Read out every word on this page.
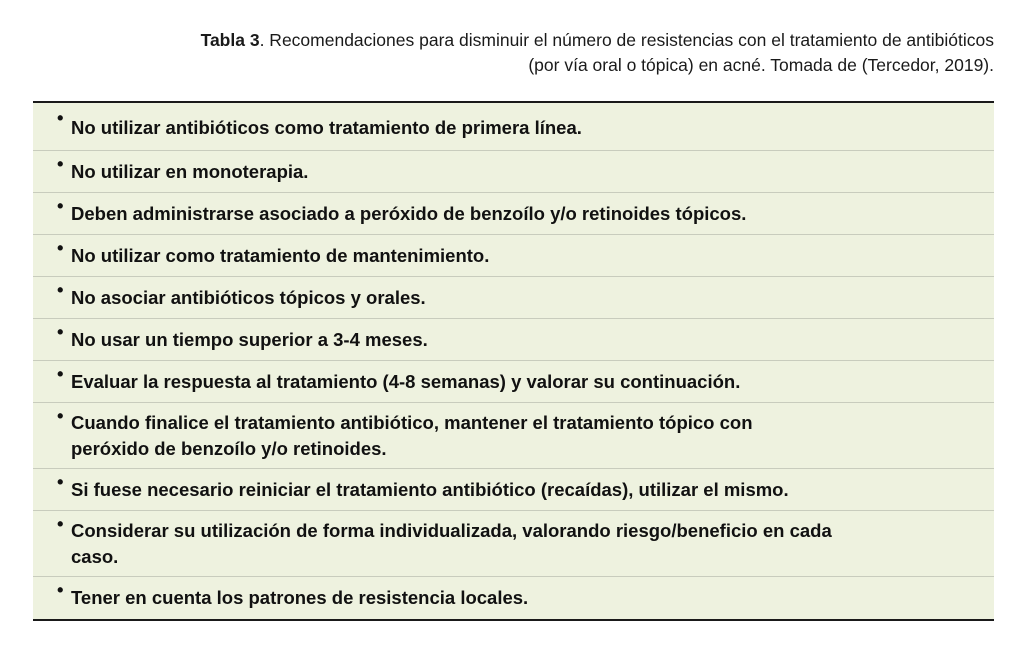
Tabla 3. Recomendaciones para disminuir el número de resistencias con el tratamiento de antibióticos
(por vía oral o tópica) en acné. Tomada de (Tercedor, 2019).
• No utilizar antibióticos como tratamiento de primera línea.
• No utilizar en monoterapia.
• Deben administrarse asociado a peróxido de benzoílo y/o retinoides tópicos.
• No utilizar como tratamiento de mantenimiento.
• No asociar antibióticos tópicos y orales.
• No usar un tiempo superior a 3-4 meses.
• Evaluar la respuesta al tratamiento (4-8 semanas) y valorar su continuación.
• Cuando finalice el tratamiento antibiótico, mantener el tratamiento tópico con peróxido de benzoílo y/o retinoides.
• Si fuese necesario reiniciar el tratamiento antibiótico (recaídas), utilizar el mismo.
• Considerar su utilización de forma individualizada, valorando riesgo/beneficio en cada caso.
• Tener en cuenta los patrones de resistencia locales.
